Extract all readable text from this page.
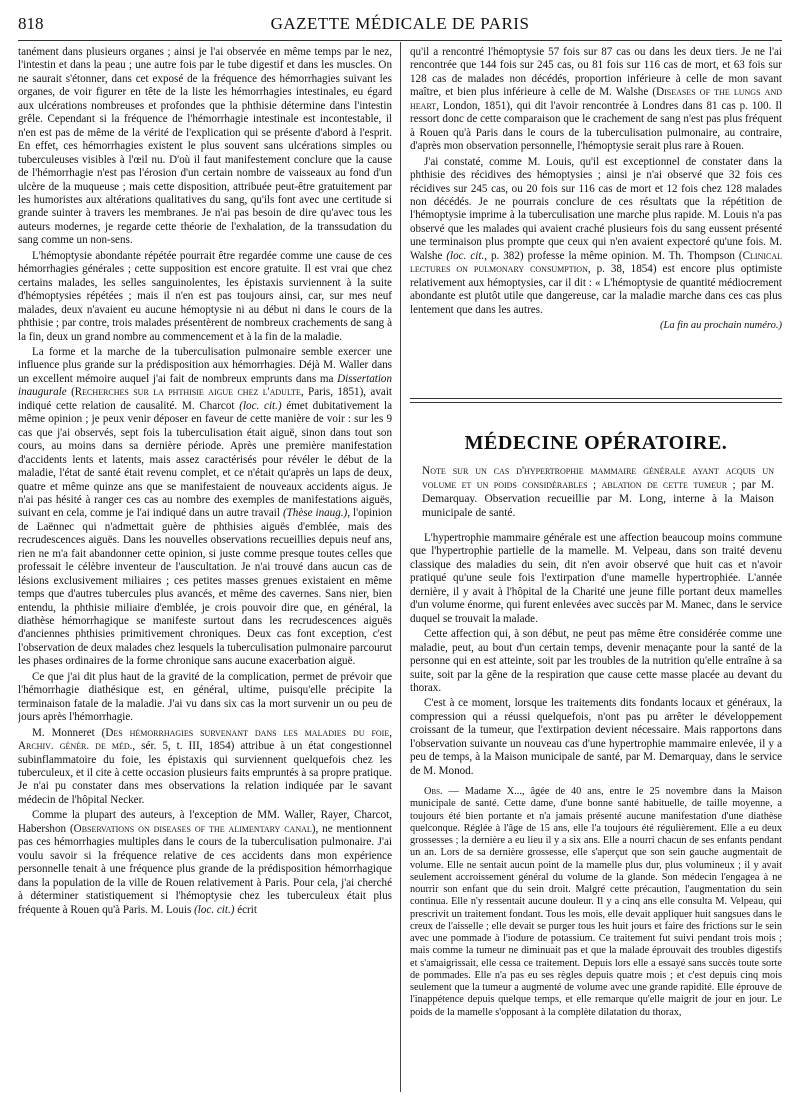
818	GAZETTE MÉDICALE DE PARIS

tanément dans plusieurs organes ; ainsi je l'ai observée en même temps par le nez, l'intestin et dans la peau ; une autre fois par le tube digestif et dans les muscles. On ne saurait s'étonner, dans cet exposé de la fréquence des hémorrhagies suivant les organes, de voir figurer en tête de la liste les hémorrhagies intestinales, eu égard aux ulcérations nombreuses et profondes que la phthisie détermine dans l'intestin grêle. Cependant si la fréquence de l'hémorrhagie intestinale est incontestable, il n'en est pas de même de la vérité de l'explication qui se présente d'abord à l'esprit. En effet, ces hémorrhagies existent le plus souvent sans ulcérations simples ou tuberculeuses visibles à l'œil nu. D'où il faut manifestement conclure que la cause de l'hémorrhagie n'est pas l'érosion d'un certain nombre de vaisseaux au fond d'un ulcère de la muqueuse ; mais cette disposition, attribuée peut-être gratuitement par les humoristes aux altérations qualitatives du sang, qu'ils font avec une certitude si grande suinter à travers les membranes. Je n'ai pas besoin de dire qu'avec tous les auteurs modernes, je regarde cette théorie de l'exhalation, de la transsudation du sang comme un non-sens.

L'hémoptysie abondante répétée pourrait être regardée comme une cause de ces hémorrhagies générales ; cette supposition est encore gratuite. Il est vrai que chez certains malades, les selles sanguinolentes, les épistaxis surviennent à la suite d'hémoptysies répétées ; mais il n'en est pas toujours ainsi, car, sur mes neuf malades, deux n'avaient eu aucune hémoptysie ni au début ni dans le cours de la phthisie ; par contre, trois malades présentèrent de nombreux crachements de sang à la fin, deux un grand nombre au commencement et à la fin de la maladie.

La forme et la marche de la tuberculisation pulmonaire semble exercer une influence plus grande sur la prédisposition aux hémorrhagies. Déjà M. Waller dans un excellent mémoire auquel j'ai fait de nombreux emprunts dans ma Dissertation inaugurale (Recherches sur la phthisie aigue chez l'adulte, Paris, 1851), avait indiqué cette relation de causalité. M. Charcot (loc. cit.) émet dubitativement la même opinion ; je peux venir déposer en faveur de cette manière de voir : sur les 9 cas que j'ai observés, sept fois la tuberculisation était aiguë, sinon dans tout son cours, au moins dans sa dernière période. Après une première manifestation d'accidents lents et latents, mais assez caractérisés pour révéler le début de la maladie, l'état de santé était revenu complet, et ce n'était qu'après un laps de deux, quatre et même quinze ans que se manifestaient de nouveaux accidents aigus. Je n'ai pas hésité à ranger ces cas au nombre des exemples de manifestations aiguës, suivant en cela, comme je l'ai indiqué dans un autre travail (Thèse inaug.), l'opinion de Laënnec qui n'admettait guère de phthisies aiguës d'emblée, mais des recrudescences aiguës. Dans les nouvelles observations recueillies depuis neuf ans, rien ne m'a fait abandonner cette opinion, si juste comme presque toutes celles que professait le célèbre inventeur de l'auscultation. Je n'ai trouvé dans aucun cas de lésions exclusivement miliaires ; ces petites masses grenues existaient en même temps que d'autres tubercules plus avancés, et même des cavernes. Sans nier, bien entendu, la phthisie miliaire d'emblée, je crois pouvoir dire que, en général, la diathèse hémorrhagique se manifeste surtout dans les recrudescences aiguës d'anciennes phthisies primitivement chroniques. Deux cas font exception, c'est l'observation de deux malades chez lesquels la tuberculisation pulmonaire parcourut les phases ordinaires de la forme chronique sans aucune exacerbation aiguë.

Ce que j'ai dit plus haut de la gravité de la complication, permet de prévoir que l'hémorrhagie diathésique est, en général, ultime, puisqu'elle précipite la terminaison fatale de la maladie. J'ai vu dans six cas la mort survenir un ou peu de jours après l'hémorrhagie.

M. Monneret (Des hémorrhagies survenant dans les maladies du foie, Archiv. génér. de méd., sér. 5, t. III, 1854) attribue à un état congestionnel subinflammatoire du foie, les épistaxis qui surviennent quelquefois chez les tuberculeux, et il cite à cette occasion plusieurs faits empruntés à sa propre pratique. Je n'ai pu constater dans mes observations la relation indiquée par le savant médecin de l'hôpital Necker.

Comme la plupart des auteurs, à l'exception de MM. Waller, Rayer, Charcot, Habershon (Observations on diseases of the alimentary canal), ne mentionnent pas ces hémorrhagies multiples dans le cours de la tuberculisation pulmonaire. J'ai voulu savoir si la fréquence relative de ces accidents dans mon expérience personnelle tenait à une fréquence plus grande de la prédisposition hémorrhagique dans la population de la ville de Rouen relativement à Paris. Pour cela, j'ai cherché à déterminer statistiquement si l'hémoptysie chez les tuberculeux était plus fréquente à Rouen qu'à Paris. M. Louis (loc. cit.) écrit

qu'il a rencontré l'hémoptysie 57 fois sur 87 cas ou dans les deux tiers. Je ne l'ai rencontrée que 144 fois sur 245 cas, ou 81 fois sur 116 cas de mort, et 63 fois sur 128 cas de malades non décédés, proportion inférieure à celle de mon savant maître, et bien plus inférieure à celle de M. Walshe (Diseases of the lungs and heart, London, 1851), qui dit l'avoir rencontrée à Londres dans 81 cas p. 100. Il ressort donc de cette comparaison que le crachement de sang n'est pas plus fréquent à Rouen qu'à Paris dans le cours de la tuberculisation pulmonaire, au contraire, d'après mon observation personnelle, l'hémoptysie serait plus rare à Rouen.

J'ai constaté, comme M. Louis, qu'il est exceptionnel de constater dans la phthisie des récidives des hémoptysies ; ainsi je n'ai observé que 32 fois ces récidives sur 245 cas, ou 20 fois sur 116 cas de mort et 12 fois chez 128 malades non décédés. Je ne pourrais conclure de ces résultats que la répétition de l'hémoptysie imprime à la tuberculisation une marche plus rapide. M. Louis n'a pas observé que les malades qui avaient craché plusieurs fois du sang eussent présenté une terminaison plus prompte que ceux qui n'en avaient expectoré qu'une fois. M. Walshe (loc. cit., p. 382) professe la même opinion. M. Th. Thompson (Clinical lectures on pulmonary consumption, p. 38, 1854) est encore plus optimiste relativement aux hémoptysies, car il dit : « L'hémoptysie de quantité médiocrement abondante est plutôt utile que dangereuse, car la maladie marche dans ces cas plus lentement que dans les autres.

(La fin au prochain numéro.)
MÉDECINE OPÉRATOIRE.
Note sur un cas d'hypertrophie mammaire générale ayant acquis un volume et un poids considérables ; ablation de cette tumeur ; par M. Demarquay. Observation recueillie par M. Long, interne à la Maison municipale de santé.

L'hypertrophie mammaire générale est une affection beaucoup moins commune que l'hypertrophie partielle de la mamelle. M. Velpeau, dans son traité devenu classique des maladies du sein, dit n'en avoir observé que huit cas et n'avoir pratiqué qu'une seule fois l'extirpation d'une mamelle hypertrophiée. L'année dernière, il y avait à l'hôpital de la Charité une jeune fille portant deux mamelles d'un volume énorme, qui furent enlevées avec succès par M. Manec, dans le service duquel se trouvait la malade.

Cette affection qui, à son début, ne peut pas même être considérée comme une maladie, peut, au bout d'un certain temps, devenir menaçante pour la santé de la personne qui en est atteinte, soit par les troubles de la nutrition qu'elle entraîne à sa suite, soit par la gêne de la respiration que cause cette masse placée au devant du thorax.

C'est à ce moment, lorsque les traitements dits fondants locaux et généraux, la compression qui a réussi quelquefois, n'ont pas pu arrêter le développement croissant de la tumeur, que l'extirpation devient nécessaire. Mais rapportons dans l'observation suivante un nouveau cas d'une hypertrophie mammaire enlevée, il y a peu de temps, à la Maison municipale de santé, par M. Demarquay, dans le service de M. Monod.

Obs. — Madame X..., âgée de 40 ans, entre le 25 novembre dans la Maison municipale de santé. Cette dame, d'une bonne santé habituelle, de taille moyenne, a toujours été bien portante et n'a jamais présenté aucune manifestation d'une diathèse quelconque. Réglée à l'âge de 15 ans, elle l'a toujours été régulièrement. Elle a eu deux grossesses ; la dernière a eu lieu il y a six ans. Elle a nourri chacun de ses enfants pendant un an. Lors de sa dernière grossesse, elle s'aperçut que son sein gauche augmentait de volume. Elle ne sentait aucun point de la mamelle plus dur, plus volumineux ; il y avait seulement accroissement général du volume de la glande. Son médecin l'engagea à ne nourrir son enfant que du sein droit. Malgré cette précaution, l'augmentation du sein continua. Elle n'y ressentait aucune douleur. Il y a cinq ans elle consulta M. Velpeau, qui prescrivit un traitement fondant. Tous les mois, elle devait appliquer huit sangsues dans le creux de l'aisselle ; elle devait se purger tous les huit jours et faire des frictions sur le sein avec une pommade à l'iodure de potassium. Ce traitement fut suivi pendant trois mois ; mais comme la tumeur ne diminuait pas et que la malade éprouvait des troubles digestifs et s'amaigrissait, elle cessa ce traitement. Depuis lors elle a essayé sans succès toute sorte de pommades. Elle n'a pas eu ses règles depuis quatre mois ; et c'est depuis cinq mois seulement que la tumeur a augmenté de volume avec une grande rapidité. Elle éprouve de l'inappétence depuis quelque temps, et elle remarque qu'elle maigrit de jour en jour. Le poids de la mamelle s'opposant à la complète dilatation du thorax,
